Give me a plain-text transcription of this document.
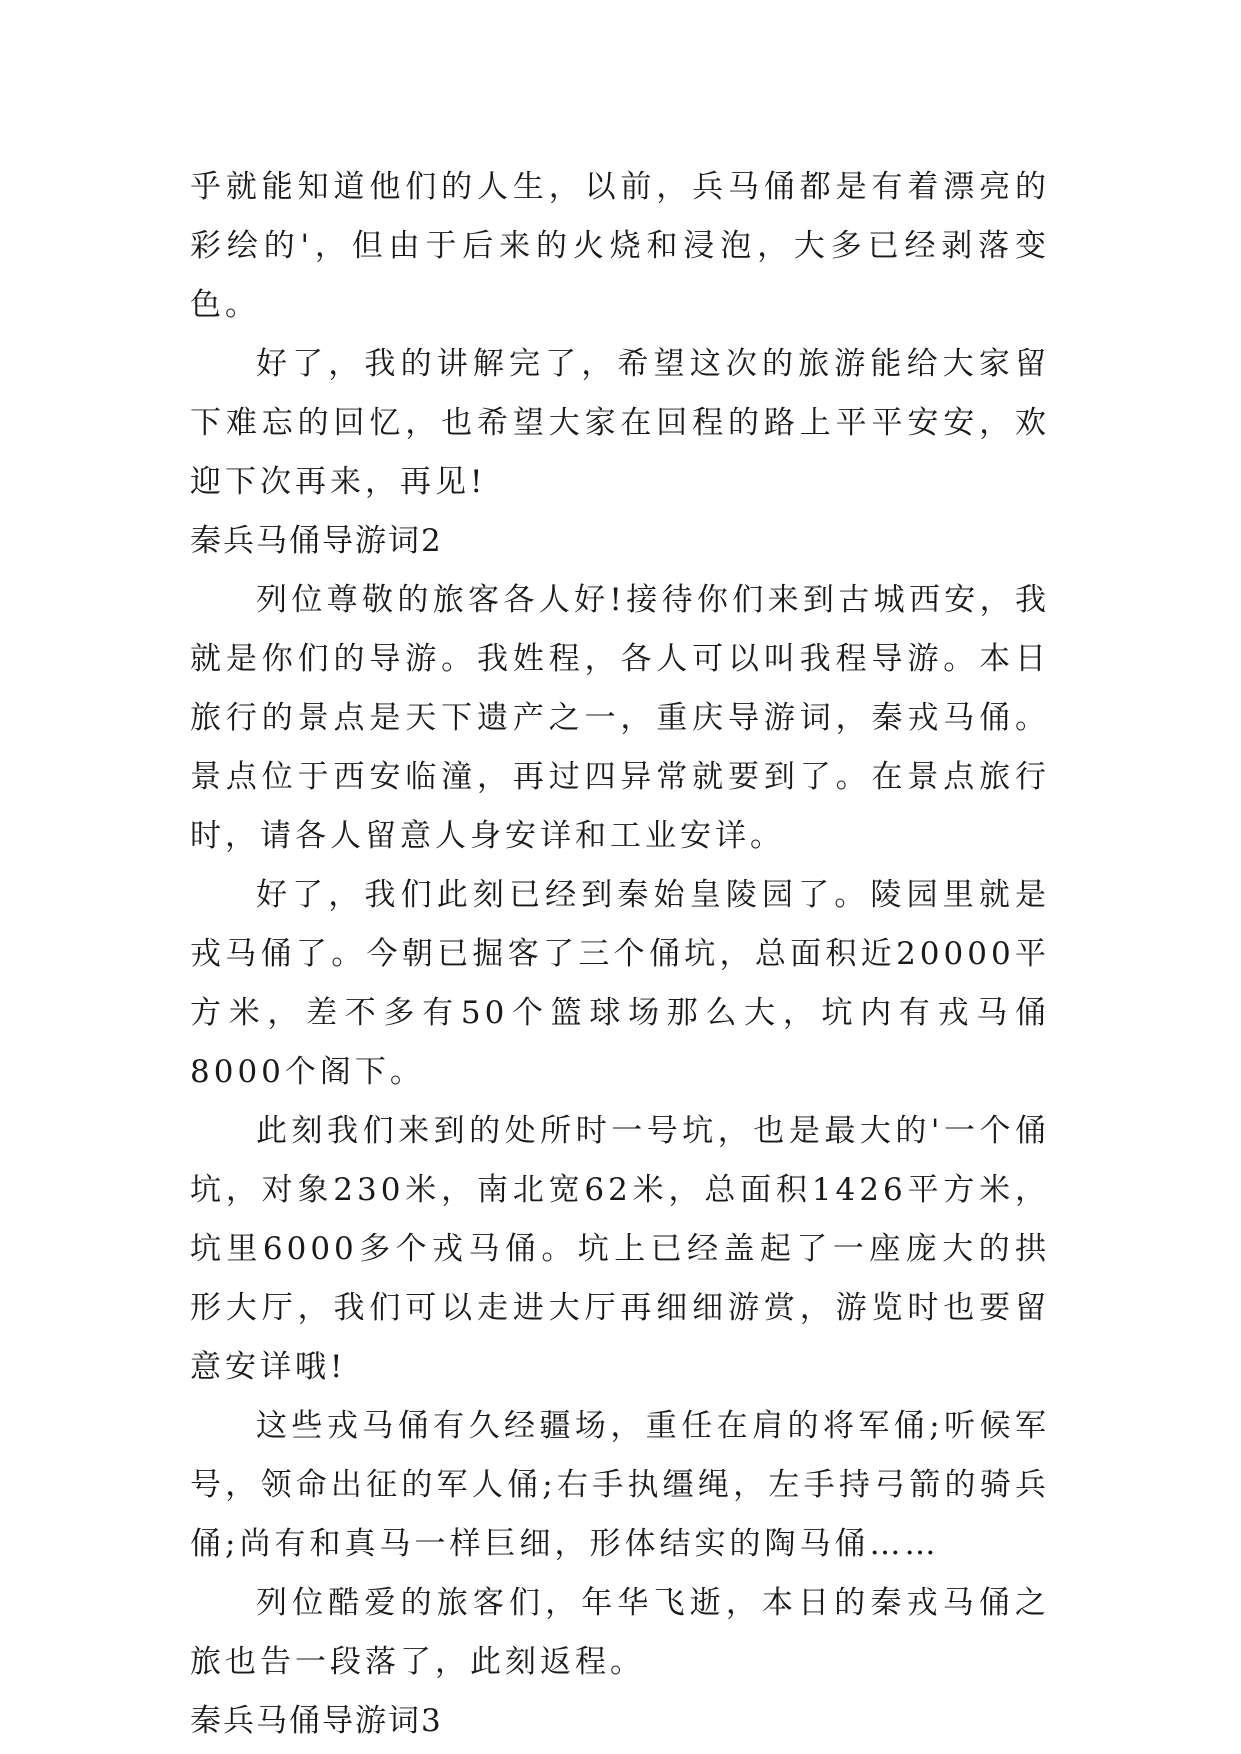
乎就能知道他们的人生，以前，兵马俑都是有着漂亮的彩绘的'，但由于后来的火烧和浸泡，大多已经剥落变色。

好了，我的讲解完了，希望这次的旅游能给大家留下难忘的回忆，也希望大家在回程的路上平平安安，欢迎下次再来，再见!

秦兵马俑导游词2

列位尊敬的旅客各人好!接待你们来到古城西安，我就是你们的导游。我姓程，各人可以叫我程导游。本日旅行的景点是天下遗产之一，重庆导游词，秦戎马俑。景点位于西安临潼，再过四异常就要到了。在景点旅行时，请各人留意人身安详和工业安详。

好了，我们此刻已经到秦始皇陵园了。陵园里就是戎马俑了。今朝已掘客了三个俑坑，总面积近20000平方米，差不多有50个篮球场那么大，坑内有戎马俑8000个阁下。

此刻我们来到的处所时一号坑，也是最大的'一个俑坑，对象230米，南北宽62米，总面积1426平方米，坑里6000多个戎马俑。坑上已经盖起了一座庞大的拱形大厅，我们可以走进大厅再细细游赏，游览时也要留意安详哦!

这些戎马俑有久经疆场，重任在肩的将军俑;听候军号，领命出征的军人俑;右手执缰绳，左手持弓箭的骑兵俑;尚有和真马一样巨细，形体结实的陶马俑……

列位酷爱的旅客们，年华飞逝，本日的秦戎马俑之旅也告一段落了，此刻返程。

秦兵马俑导游词3
